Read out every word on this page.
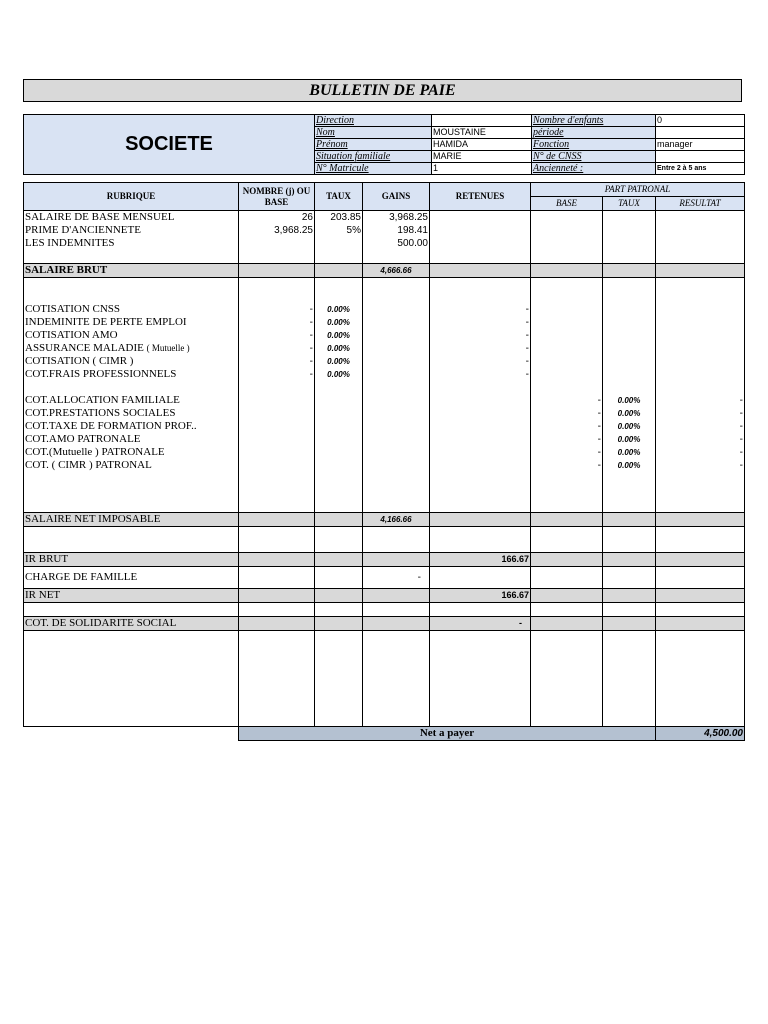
BULLETIN DE PAIE
SOCIETE	Direction		Nombre d'enfants	0
	Nom	MOUSTAINE	période	
	Prénom	HAMIDA	Fonction	manager
	Situation familiale	MARIE	N° de CNSS	
	N° Matricule	1	Ancienneté :	Entre 2 à 5 ans
RUBRIQUE	NOMBRE (j) OU BASE	TAUX	GAINS	RETENUES	PART PATRONAL		
					BASE	TAUX	RESULTAT
SALAIRE DE BASE MENSUEL	26	203.85	3,968.25				
PRIME D'ANCIENNETE	3,968.25	5%	198.41				
LES INDEMNITES			500.00				

SALAIRE BRUT			4,666.66				

COTISATION CNSS	-	0.00%		-			
INDEMINITE DE PERTE EMPLOI	-	0.00%		-			
COTISATION AMO	-	0.00%		-			
ASSURANCE MALADIE ( Mutuelle )	-	0.00%		-			
COTISATION ( CIMR )	-	0.00%		-			
COT.FRAIS PROFESSIONNELS	-	0.00%		-			

COT.ALLOCATION FAMILIALE					-	0.00%	-
COT.PRESTATIONS SOCIALES					-	0.00%	-
COT.TAXE DE FORMATION PROF..					-	0.00%	-
COT.AMO PATRONALE					-	0.00%	-
COT.(Mutuelle ) PATRONALE					-	0.00%	-
COT. ( CIMR ) PATRONAL					-	0.00%	-

SALAIRE NET IMPOSABLE			4,166.66				

IR BRUT				166.67			
CHARGE DE FAMILLE			-				
IR NET				166.67			

COT. DE SOLIDARITE SOCIAL				-			

	Net a payer						4,500.00
